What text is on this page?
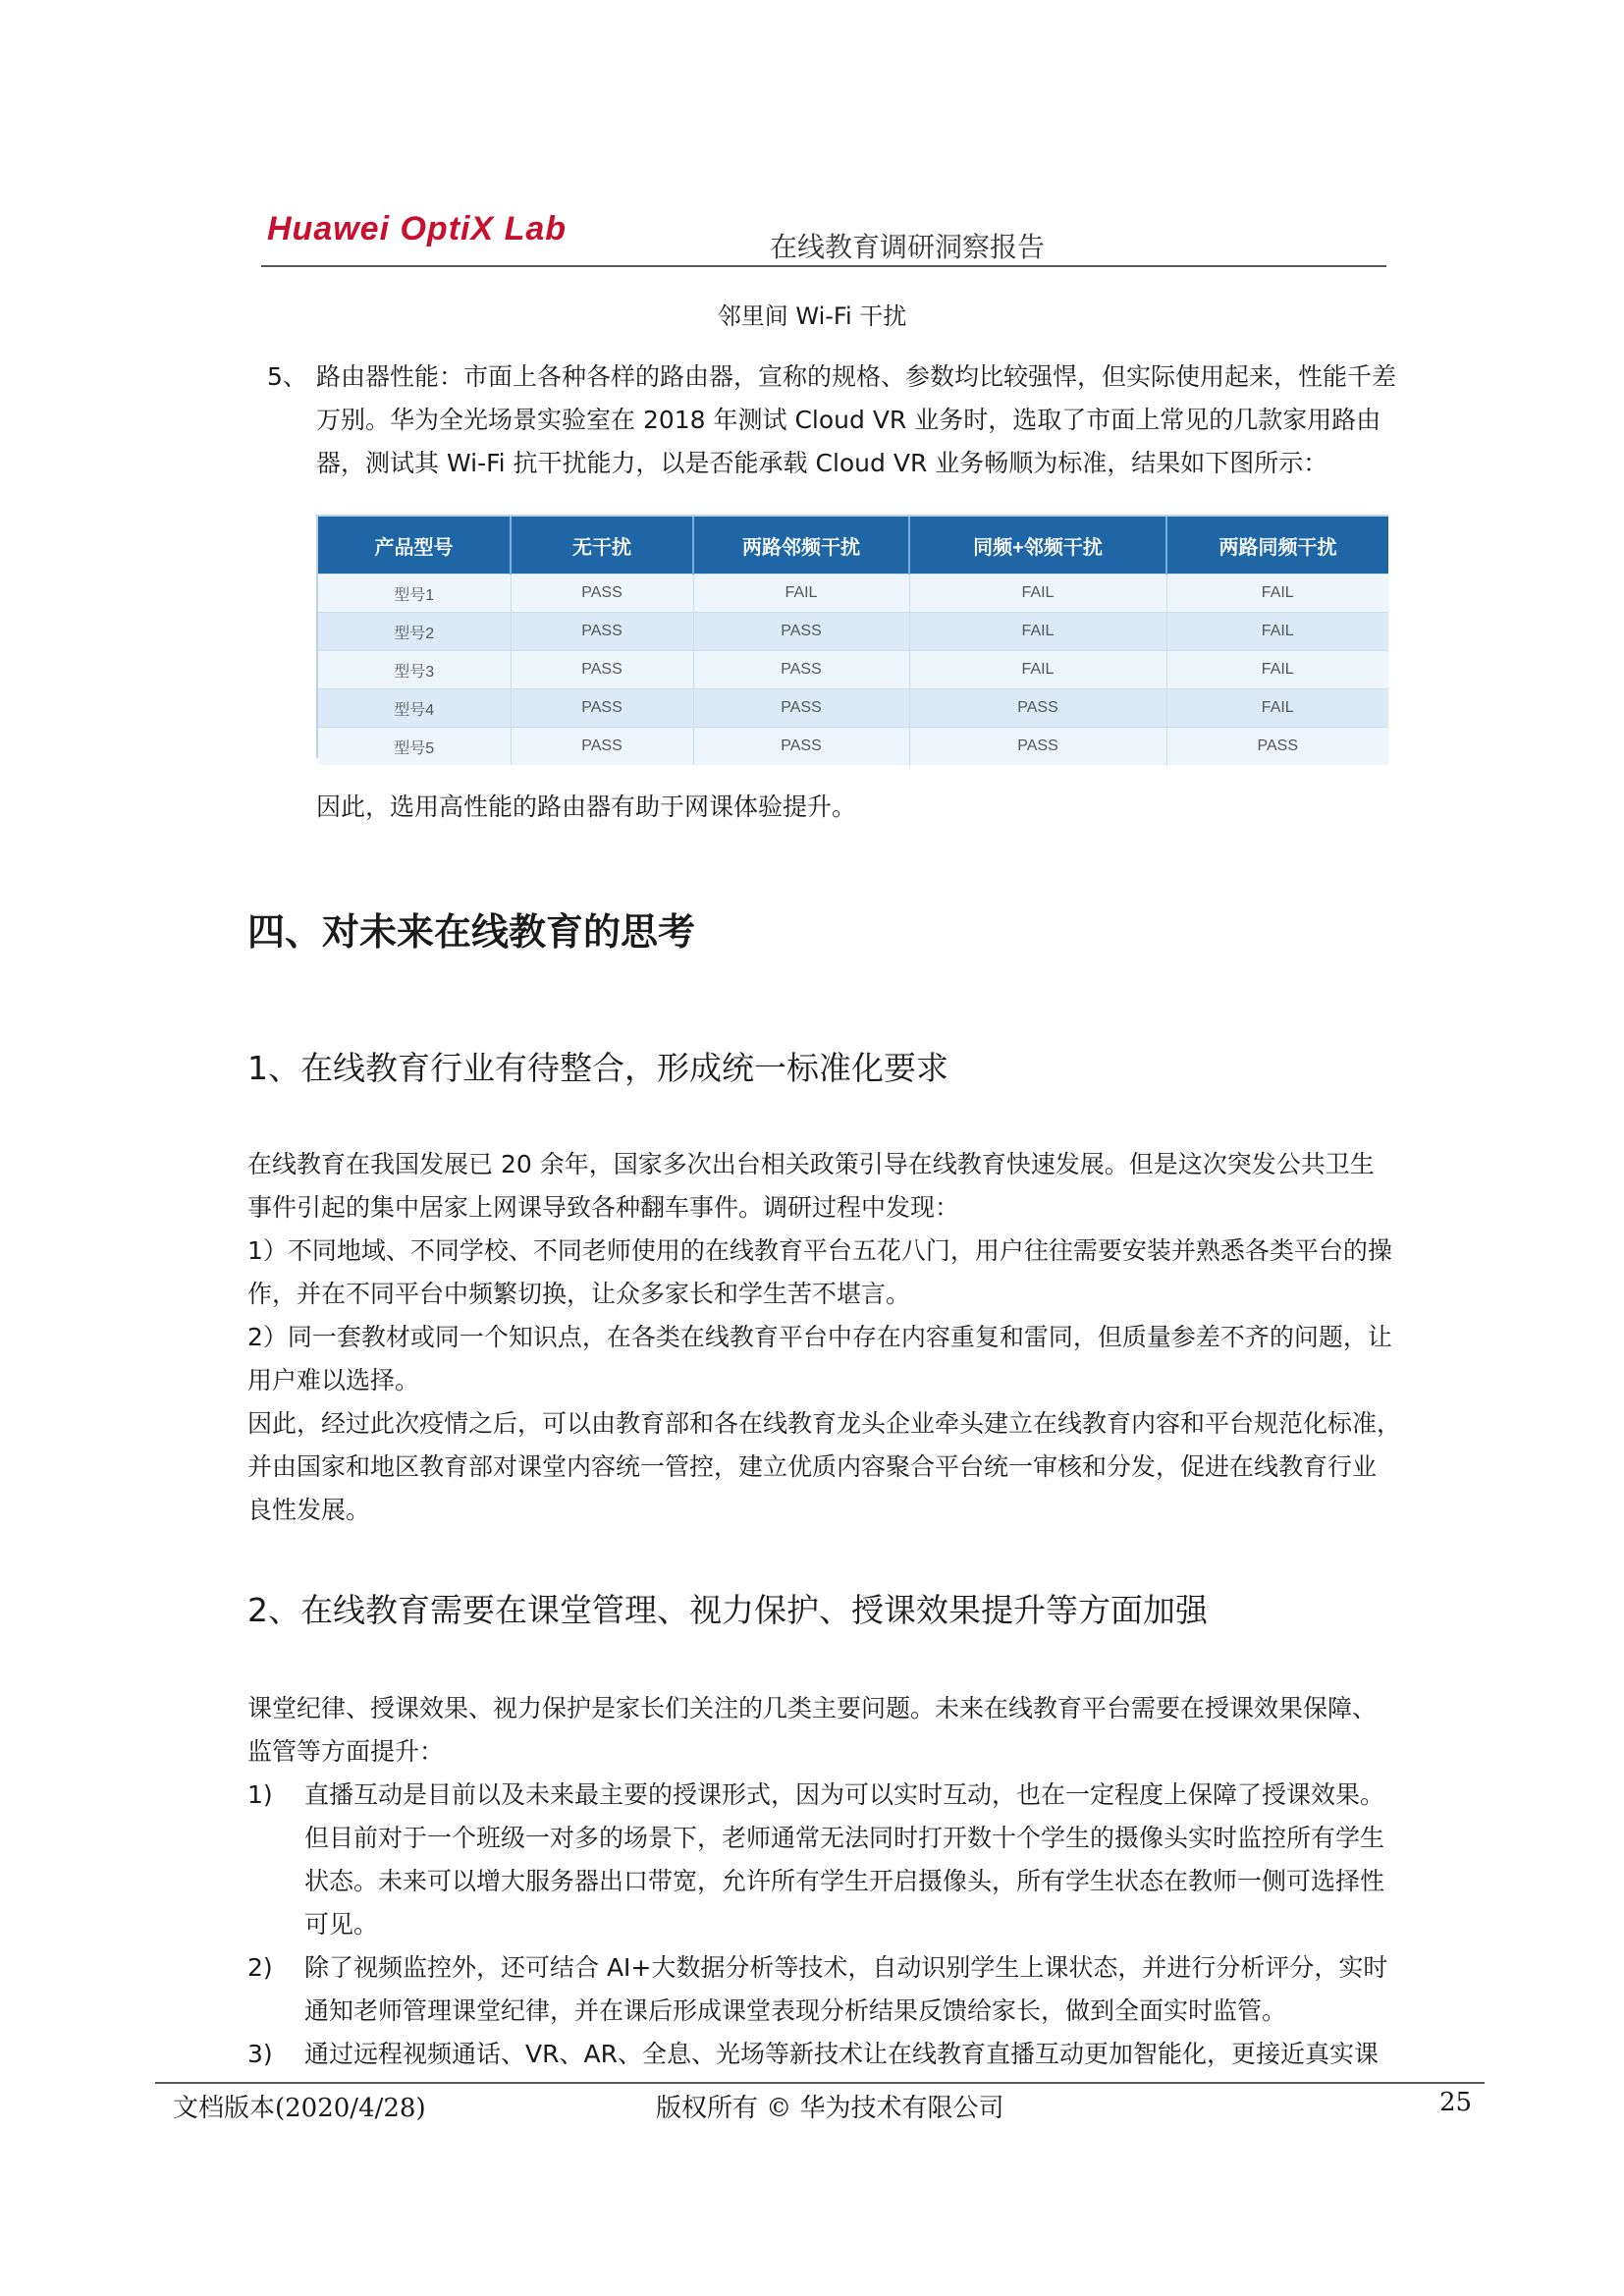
Huawei OptiX Lab	在线教育调研洞察报告
邻里间 Wi-Fi 干扰
5、 路由器性能：市面上各种各样的路由器，宣称的规格、参数均比较强悍，但实际使用起来，性能千差
万别。华为全光场景实验室在 2018 年测试 Cloud VR 业务时，选取了市面上常见的几款家用路由
器，测试其 Wi-Fi 抗干扰能力，以是否能承载 Cloud VR 业务畅顺为标准，结果如下图所示：
产品型号	无干扰	两路邻频干扰	同频+邻频干扰	两路同频干扰
型号1	PASS	FAIL	FAIL	FAIL
型号2	PASS	PASS	FAIL	FAIL
型号3	PASS	PASS	FAIL	FAIL
型号4	PASS	PASS	PASS	FAIL
型号5	PASS	PASS	PASS	PASS
因此，选用高性能的路由器有助于网课体验提升。
四、对未来在线教育的思考
1、在线教育行业有待整合，形成统一标准化要求
在线教育在我国发展已 20 余年，国家多次出台相关政策引导在线教育快速发展。但是这次突发公共卫生
事件引起的集中居家上网课导致各种翻车事件。调研过程中发现：
1）不同地域、不同学校、不同老师使用的在线教育平台五花八门，用户往往需要安装并熟悉各类平台的操
作，并在不同平台中频繁切换，让众多家长和学生苦不堪言。
2）同一套教材或同一个知识点，在各类在线教育平台中存在内容重复和雷同，但质量参差不齐的问题，让
用户难以选择。
因此，经过此次疫情之后，可以由教育部和各在线教育龙头企业牵头建立在线教育内容和平台规范化标准，
并由国家和地区教育部对课堂内容统一管控，建立优质内容聚合平台统一审核和分发，促进在线教育行业
良性发展。
2、在线教育需要在课堂管理、视力保护、授课效果提升等方面加强
课堂纪律、授课效果、视力保护是家长们关注的几类主要问题。未来在线教育平台需要在授课效果保障、
监管等方面提升：
1) 直播互动是目前以及未来最主要的授课形式，因为可以实时互动，也在一定程度上保障了授课效果。
但目前对于一个班级一对多的场景下，老师通常无法同时打开数十个学生的摄像头实时监控所有学生
状态。未来可以增大服务器出口带宽，允许所有学生开启摄像头，所有学生状态在教师一侧可选择性
可见。
2) 除了视频监控外，还可结合 AI+大数据分析等技术，自动识别学生上课状态，并进行分析评分，实时
通知老师管理课堂纪律，并在课后形成课堂表现分析结果反馈给家长，做到全面实时监管。
3) 通过远程视频通话、VR、AR、全息、光场等新技术让在线教育直播互动更加智能化，更接近真实课
文档版本(2020/4/28)	版权所有 © 华为技术有限公司	25
